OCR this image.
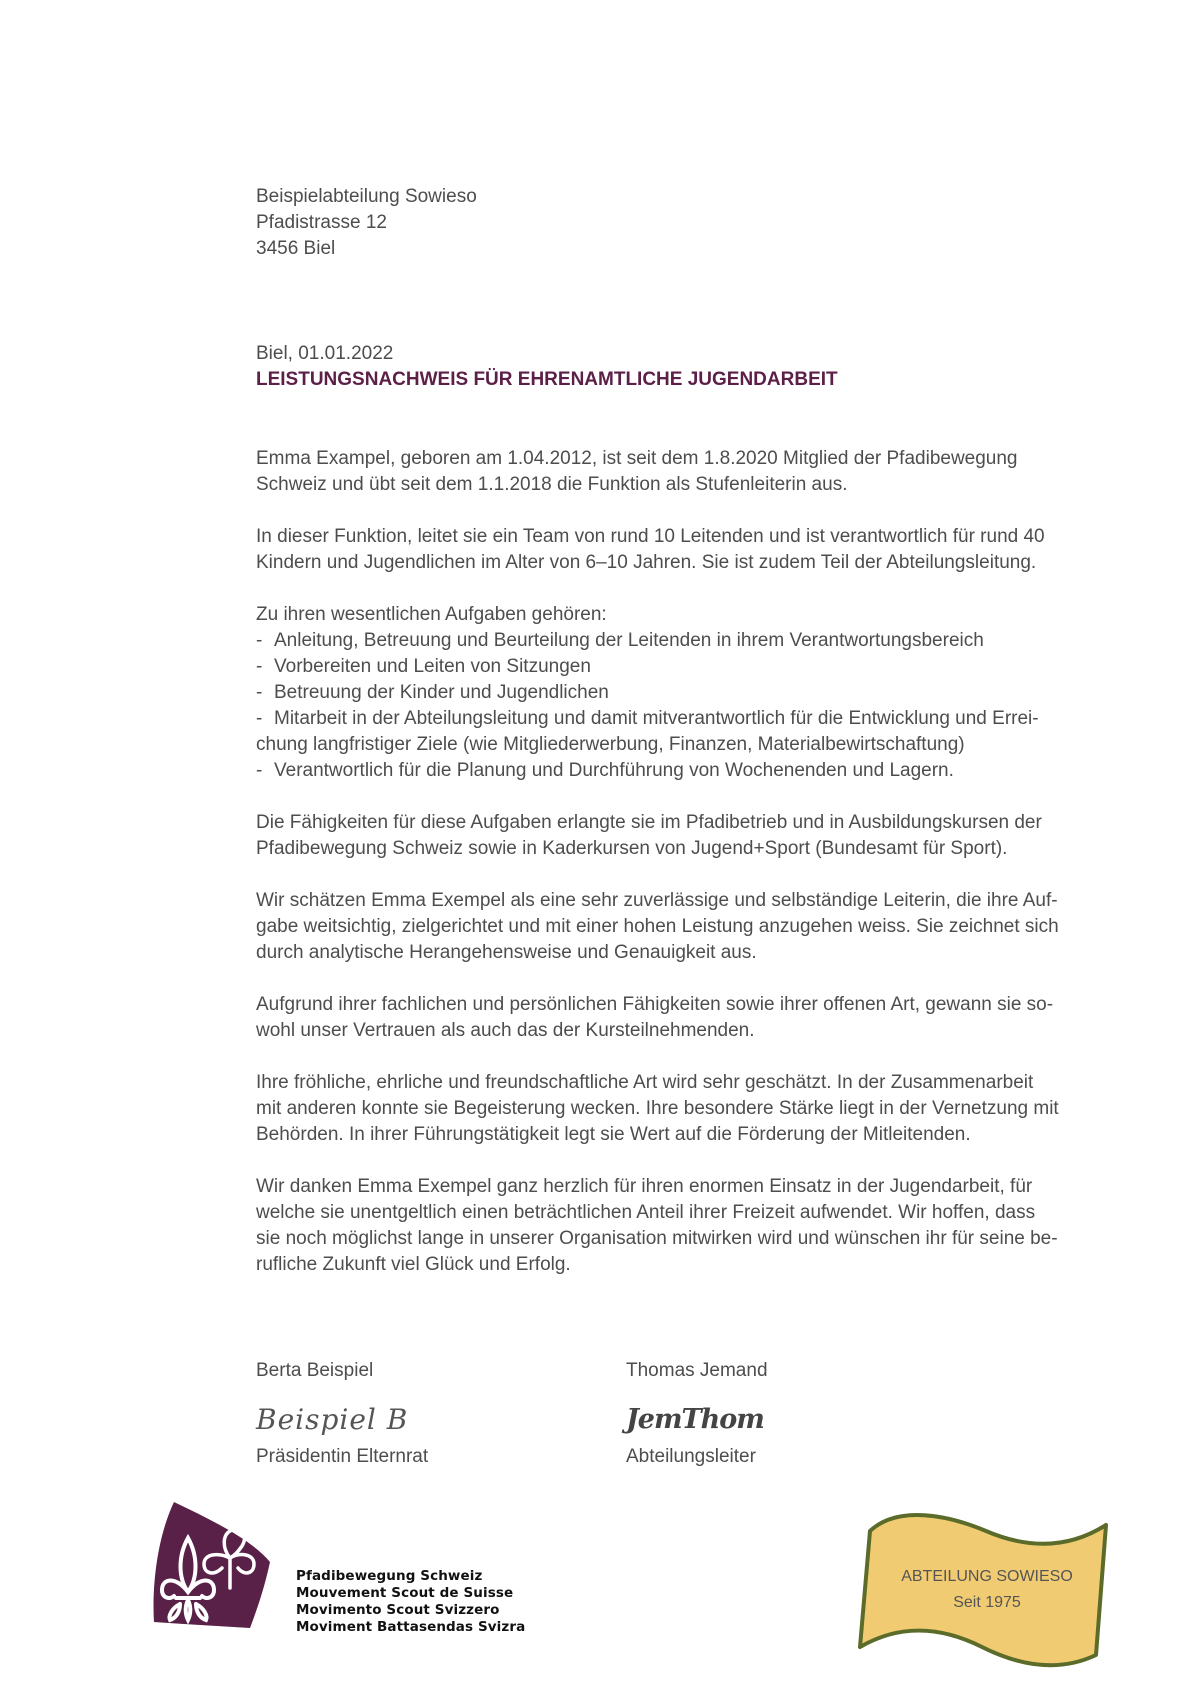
Beispielabteilung Sowieso
Pfadistrasse 12
3456 Biel
Biel, 01.01.2022
LEISTUNGSNACHWEIS FÜR EHRENAMTLICHE JUGENDARBEIT
Emma Exampel, geboren am 1.04.2012, ist seit dem 1.8.2020 Mitglied der Pfadibewegung
Schweiz und übt seit dem 1.1.2018 die Funktion als Stufenleiterin aus.
In dieser Funktion, leitet sie ein Team von rund 10 Leitenden und ist verantwortlich für rund 40
Kindern und Jugendlichen im Alter von 6–10 Jahren. Sie ist zudem Teil der Abteilungsleitung.
Zu ihren wesentlichen Aufgaben gehören:
- Anleitung, Betreuung und Beurteilung der Leitenden in ihrem Verantwortungsbereich
- Vorbereiten und Leiten von Sitzungen
- Betreuung der Kinder und Jugendlichen
- Mitarbeit in der Abteilungsleitung und damit mitverantwortlich für die Entwicklung und Errei-
chung langfristiger Ziele (wie Mitgliederwerbung, Finanzen, Materialbewirtschaftung)
- Verantwortlich für die Planung und Durchführung von Wochenenden und Lagern.
Die Fähigkeiten für diese Aufgaben erlangte sie im Pfadibetrieb und in Ausbildungskursen der
Pfadibewegung Schweiz sowie in Kaderkursen von Jugend+Sport (Bundesamt für Sport).
Wir schätzen Emma Exempel als eine sehr zuverlässige und selbständige Leiterin, die ihre Auf-
gabe weitsichtig, zielgerichtet und mit einer hohen Leistung anzugehen weiss. Sie zeichnet sich
durch analytische Herangehensweise und Genauigkeit aus.
Aufgrund ihrer fachlichen und persönlichen Fähigkeiten sowie ihrer offenen Art, gewann sie so-
wohl unser Vertrauen als auch das der Kursteilnehmenden.
Ihre fröhliche, ehrliche und freundschaftliche Art wird sehr geschätzt. In der Zusammenarbeit
mit anderen konnte sie Begeisterung wecken. Ihre besondere Stärke liegt in der Vernetzung mit
Behörden. In ihrer Führungstätigkeit legt sie Wert auf die Förderung der Mitleitenden.
Wir danken Emma Exempel ganz herzlich für ihren enormen Einsatz in der Jugendarbeit, für
welche sie unentgeltlich einen beträchtlichen Anteil ihrer Freizeit aufwendet. Wir hoffen, dass
sie noch möglichst lange in unserer Organisation mitwirken wird und wünschen ihr für seine be-
rufliche Zukunft viel Glück und Erfolg.
Berta Beispiel
Beispiel B
Präsidentin Elternrat
Thomas Jemand
JemThom
Abteilungsleiter
Pfadibewegung Schweiz
Mouvement Scout de Suisse
Movimento Scout Svizzero
Moviment Battasendas Svizra
ABTEILUNG SOWIESO
Seit 1975
